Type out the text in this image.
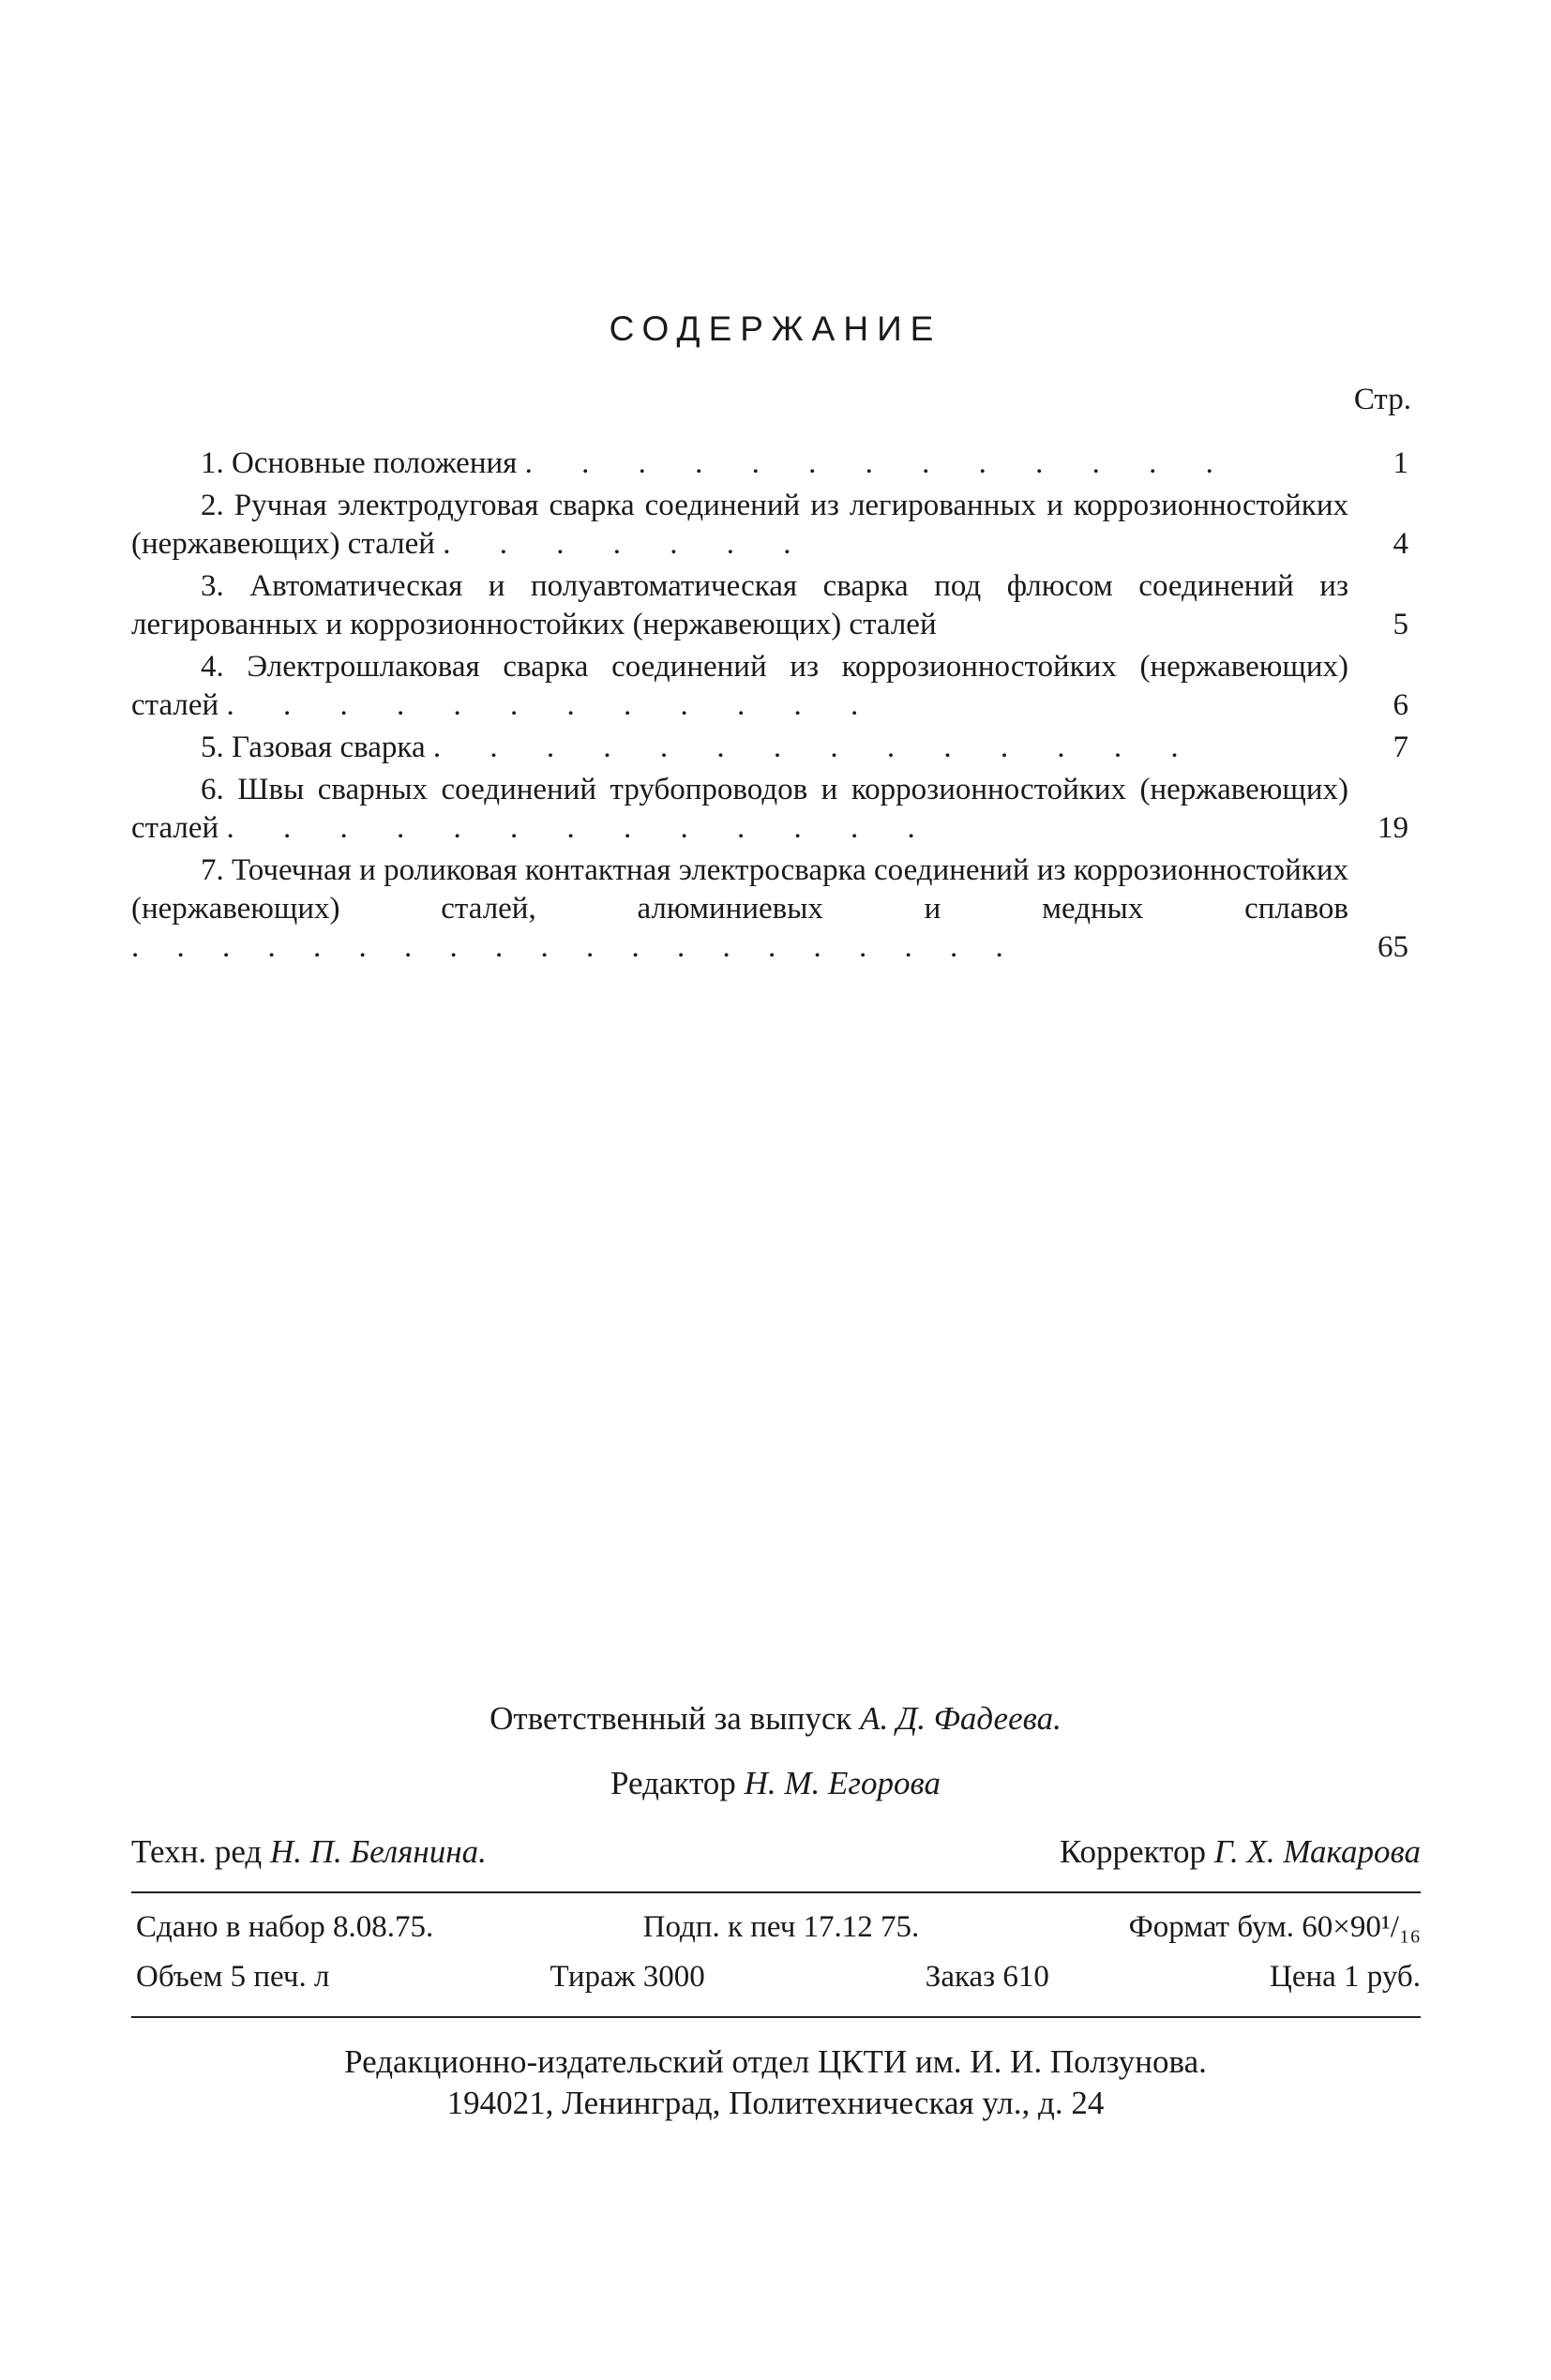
СОДЕРЖАНИЕ
Стр.
1. Основные положения . . . . . . . . . . . . .	1
2. Ручная электродуговая сварка соединений из легированных и коррозионностойких (нержавеющих) сталей . . . . . . .	4
3. Автоматическая и полуавтоматическая сварка под флюсом соединений из легированных и коррозионностойких (нержавеющих) сталей	5
4. Электрошлаковая сварка соединений из коррозионностойких (нержавеющих) сталей . . . . . . . . . . . .	6
5. Газовая сварка . . . . . . . . . . . . . .	7
6. Швы сварных соединений трубопроводов и коррозионностойких (нержавеющих) сталей . . . . . . . . . . . . .	19
7. Точечная и роликовая контактная электросварка соединений из коррозионностойких (нержавеющих) сталей, алюминиевых и медных сплавов . . . . . . . . . . . . . . . . . . . .	65
Ответственный за выпуск А. Д. Фадеева.
Редактор Н. М. Егорова
Техн. ред Н. П. Белянина.	Корректор Г. Х. Макарова
Сдано в набор 8.08.75.	Подп. к печ 17.12 75.	Формат бум. 60×90¹/₁₆
Объем 5 печ. л	Тираж 3000	Заказ 610	Цена 1 руб.
Редакционно-издательский отдел ЦКТИ им. И. И. Ползунова.
194021, Ленинград, Политехническая ул., д. 24
